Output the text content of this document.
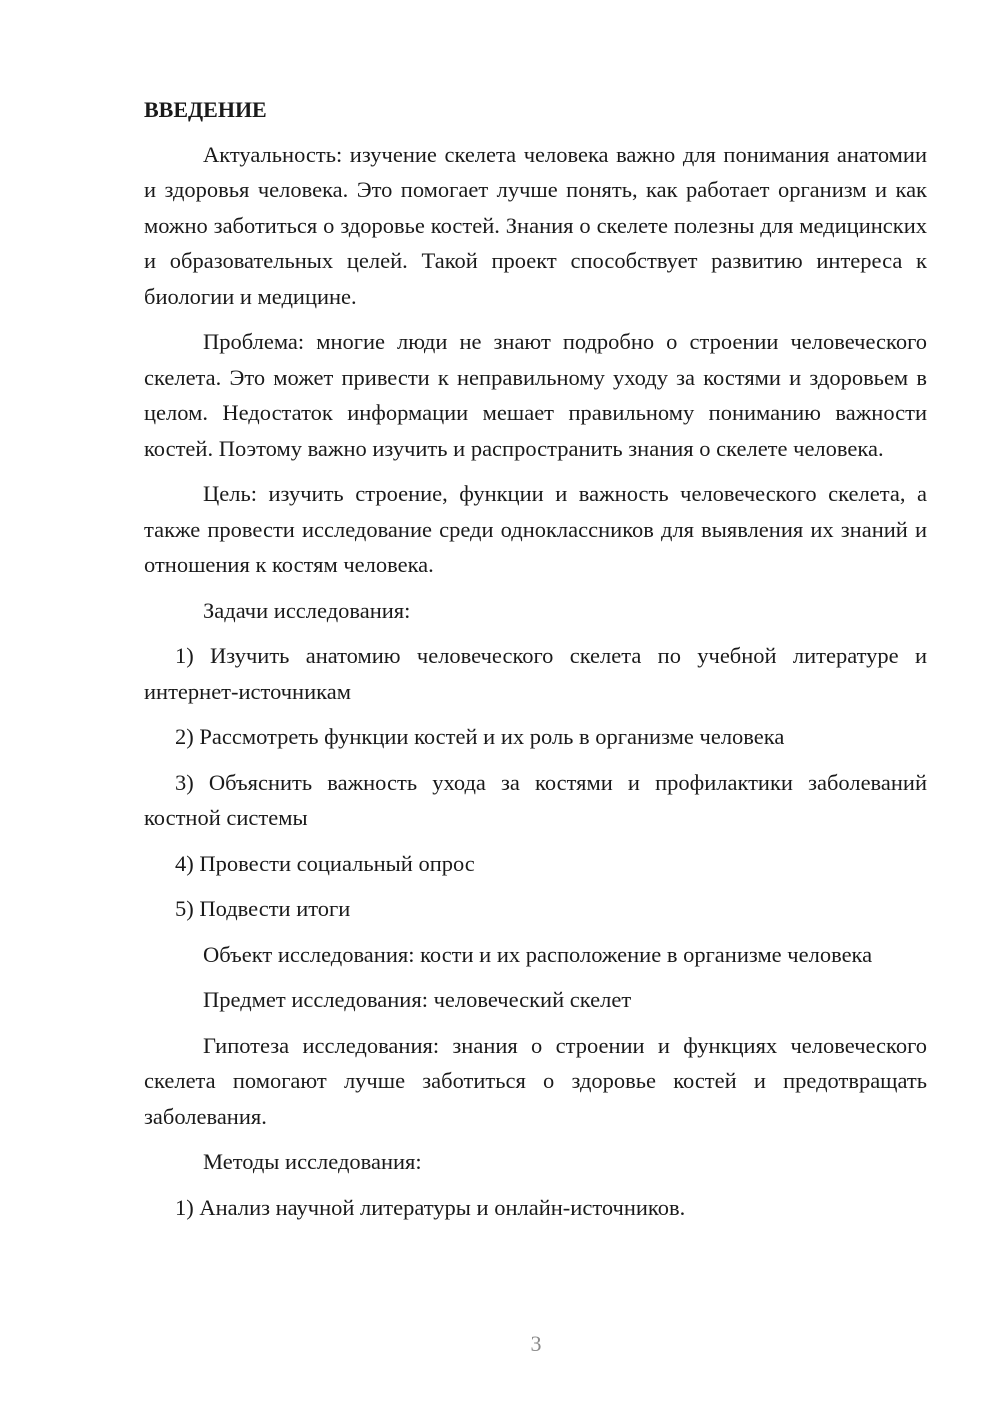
ВВЕДЕНИЕ

Актуальность: изучение скелета человека важно для понимания анатомии и здоровья человека. Это помогает лучше понять, как работает организм и как можно заботиться о здоровье костей. Знания о скелете полезны для медицинских и образовательных целей. Такой проект способствует развитию интереса к биологии и медицине.

Проблема: многие люди не знают подробно о строении человеческого скелета. Это может привести к неправильному уходу за костями и здоровьем в целом. Недостаток информации мешает правильному пониманию важности костей. Поэтому важно изучить и распространить знания о скелете человека.

Цель: изучить строение, функции и важность человеческого скелета, а также провести исследование среди одноклассников для выявления их знаний и отношения к костям человека.

Задачи исследования:

1) Изучить анатомию человеческого скелета по учебной литературе и интернет-источникам

2) Рассмотреть функции костей и их роль в организме человека

3) Объяснить важность ухода за костями и профилактики заболеваний костной системы

4) Провести социальный опрос

5) Подвести итоги

Объект исследования: кости и их расположение в организме человека

Предмет исследования: человеческий скелет

Гипотеза исследования: знания о строении и функциях человеческого скелета помогают лучше заботиться о здоровье костей и предотвращать заболевания.

Методы исследования:

1) Анализ научной литературы и онлайн-источников.

3
